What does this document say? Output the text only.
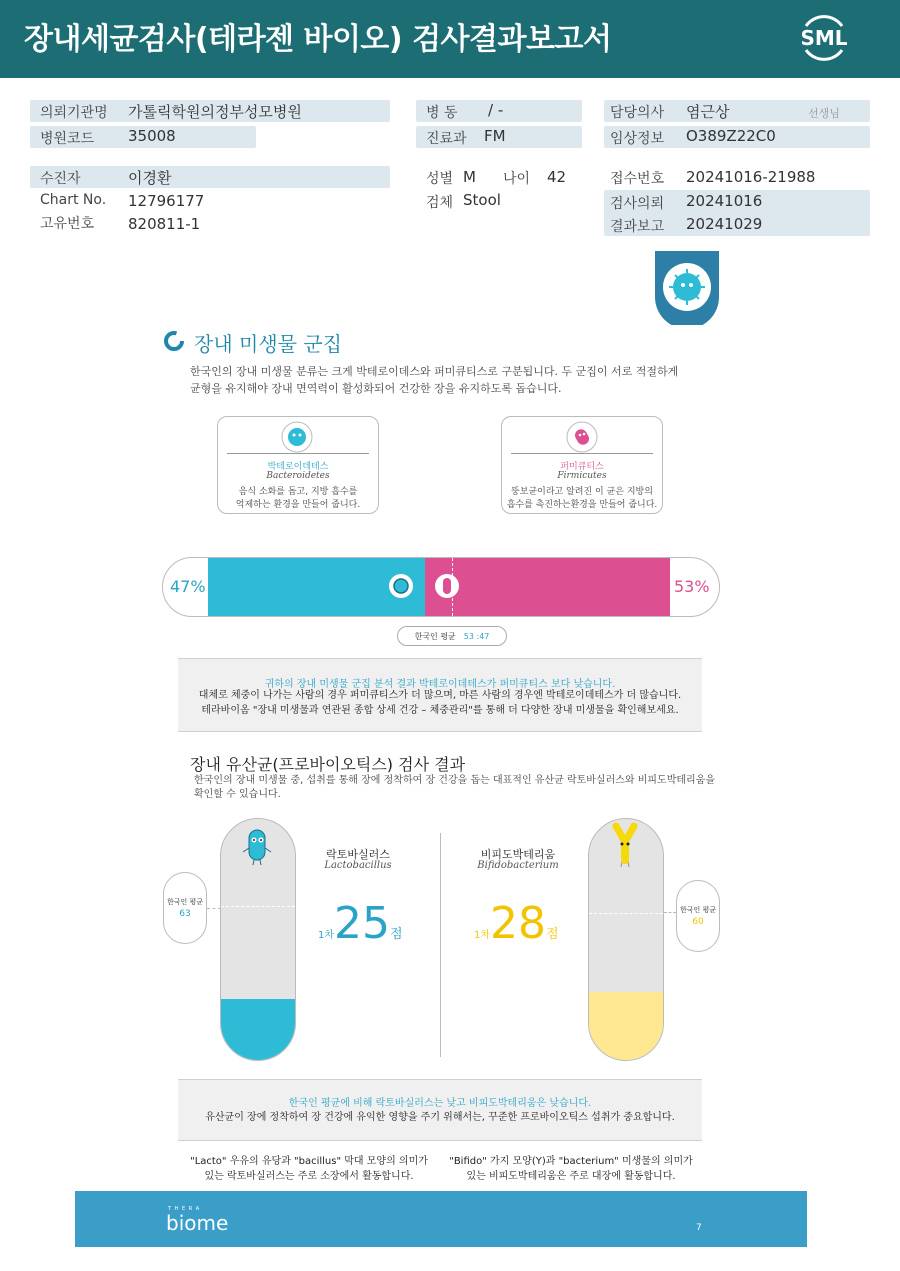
장내세균검사(테라젠 바이오) 검사결과보고서	SML
의뢰기관명 가톨릭학원의정부성모병원
병원코드 35008
수진자	이경환
Chart No. 12796177
고유번호 820811-1
병 동 / -
진료과 FM
성별 M 나이 42
검체 Stool
담당의사 염근상	선생님
임상정보 O389Z22C0
접수번호 20241016-21988
검사의뢰 20241016
결과보고 20241029
장내 미생물 군집
한국인의 장내 미생물 분류는 크게 박테로이데스와 퍼미큐티스로 구분됩니다. 두 군집이 서로 적절하게
균형을 유지해야 장내 면역력이 활성화되어 건강한 장을 유지하도록 돕습니다.
박테로이데테스
Bacteroidetes
음식 소화를 돕고, 지방 흡수를
억제하는 환경을 만들어 줍니다.
퍼미큐티스
Firmicutes
뚱보균이라고 알려진 이 균은 지방의
흡수를 촉진하는환경을 만들어 줍니다.
47%	53%
한국인 평균 53 :47
귀하의 장내 미생물 군집 분석 결과 박테로이데테스가 퍼미큐티스 보다 낮습니다.
대체로 체중이 나가는 사람의 경우 퍼미큐티스가 더 많으며, 마른 사람의 경우엔 박테로이데테스가 더 많습니다.
테라바이옴 "장내 미생물과 연관된 종합 상세 건강 – 체중관리"를 통해 더 다양한 장내 미생물을 확인해보세요.
장내 유산균(프로바이오틱스) 검사 결과
한국인의 장내 미생물 중, 섭취를 통해 장에 정착하여 장 건강을 돕는 대표적인 유산균 락토바실러스와 비피도박테리움을
확인할 수 있습니다.
한국인 평균
63
락토바실러스
Lactobacillus
1차25점
비피도박테리움
Bifidobacterium
1차28점
한국인 평균
60
한국인 평균에 비해 락토바실러스는 낮고 비피도박테리움은 낮습니다.
유산균이 장에 정착하여 장 건강에 유익한 영향을 주기 위해서는, 꾸준한 프로바이오틱스 섭취가 중요합니다.
"Lacto" 우유의 유당과 "bacillus" 막대 모양의 의미가
있는 락토바실러스는 주로 소장에서 활동합니다.
"Bifido" 가지 모양(Y)과 "bacterium" 미생물의 의미가
있는 비피도박테리움은 주로 대장에 활동합니다.
T H E R A
biome	7
